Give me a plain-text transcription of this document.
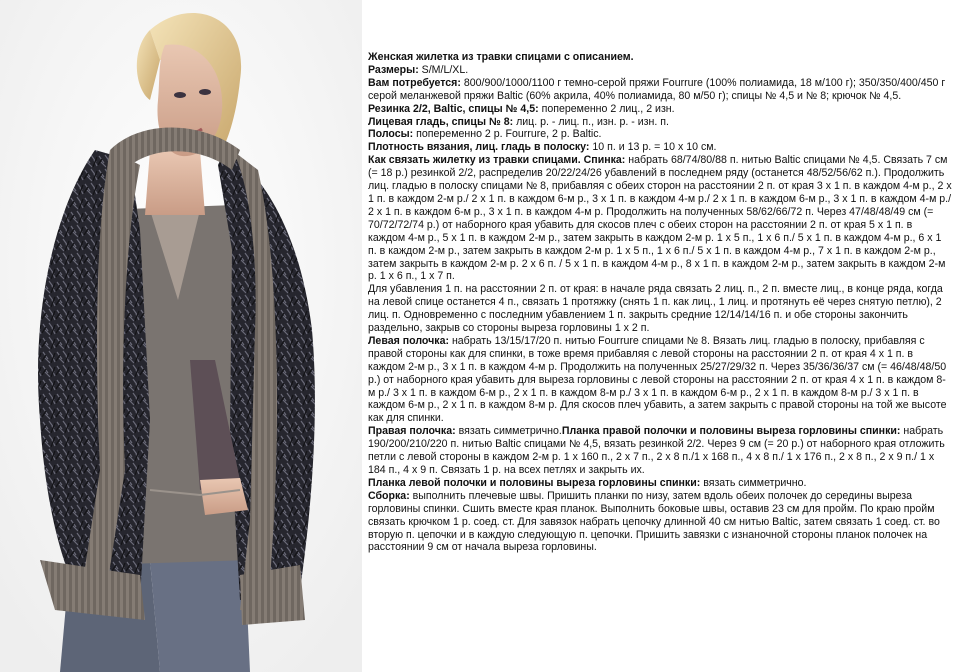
Женская жилетка из травки спицами с описанием.

Размеры: S/M/L/XL.

Вам потребуется: 800/900/1000/1100 г темно-серой пряжи Fourrure (100% полиамида, 18 м/100 г); 350/350/400/450 г серой меланжевой пряжи Baltic (60% акрила, 40% полиамида, 80 м/50 г); спицы № 4,5 и № 8; крючок № 4,5.

Резинка 2/2, Baltic, спицы № 4,5: попеременно 2 лиц., 2 изн.

Лицевая гладь, спицы № 8: лиц. р. - лиц. п., изн. р. - изн. п.

Полосы: попеременно 2 р. Fourrure, 2 р. Baltic.

Плотность вязания, лиц. гладь в полоску: 10 п. и 13 р. = 10 х 10 см.

Как связать жилетку из травки спицами. Спинка: набрать 68/74/80/88 п. нитью Baltic спицами № 4,5. Связать 7 см (= 18 р.) резинкой 2/2, распределив 20/22/24/26 убавлений в последнем ряду (останется 48/52/56/62 п.). Продолжить лиц. гладью в полоску спицами № 8, прибавляя с обеих сторон на расстоянии 2 п. от края 3 х 1 п. в каждом 4-м р., 2 х 1 п. в каждом 2-м р./ 2 х 1 п. в каждом 6-м р., 3 х 1 п. в каждом 4-м р./ 2 х 1 п. в каждом 6-м р., 3 х 1 п. в каждом 4-м р./ 2 х 1 п. в каждом 6-м р., 3 х 1 п. в каждом 4-м р. Продолжить на полученных 58/62/66/72 п. Через 47/48/48/49 см (= 70/72/72/74 р.) от наборного края убавить для скосов плеч с обеих сторон на расстоянии 2 п. от края 5 х 1 п. в каждом 4-м р., 5 х 1 п. в каждом 2-м р., затем закрыть в каждом 2-м р. 1 х 5 п., 1 х 6 п./ 5 х 1 п. в каждом 4-м р., 6 х 1 п. в каждом 2-м р., затем закрыть в каждом 2-м р. 1 х 5 п., 1 х 6 п./ 5 х 1 п. в каждом 4-м р., 7 х 1 п. в каждом 2-м р., затем закрыть в каждом 2-м р. 2 х 6 п. / 5 х 1 п. в каждом 4-м р., 8 х 1 п. в каждом 2-м р., затем закрыть в каждом 2-м р. 1 х 6 п., 1 х 7 п.

Для убавления 1 п. на расстоянии 2 п. от края: в начале ряда связать 2 лиц. п., 2 п. вместе лиц., в конце ряда, когда на левой спице останется 4 п., связать 1 протяжку (снять 1 п. как лиц., 1 лиц. и протянуть её через снятую петлю), 2 лиц. п. Одновременно с последним убавлением 1 п. закрыть средние 12/14/14/16 п. и обе стороны закончить раздельно, закрыв со стороны выреза горловины 1 х 2 п.

Левая полочка: набрать 13/15/17/20 п. нитью Fourrure спицами № 8. Вязать лиц. гладью в полоску, прибавляя с правой стороны как для спинки, в тоже время прибавляя с левой стороны на расстоянии 2 п. от края 4 х 1 п. в каждом 2-м р., 3 х 1 п. в каждом 4-м р. Продолжить на полученных 25/27/29/32 п. Через 35/36/36/37 см (= 46/48/48/50 р.) от наборного края убавить для выреза горловины с левой стороны на расстоянии 2 п. от края 4 х 1 п. в каждом 8-м р./ 3 х 1 п. в каждом 6-м р., 2 х 1 п. в каждом 8-м р./ 3 х 1 п. в каждом 6-м р., 2 х 1 п. в каждом 8-м р./ 3 х 1 п. в каждом 6-м р., 2 х 1 п. в каждом 8-м р. Для скосов плеч убавить, а затем закрыть с правой стороны на той же высоте как для спинки.

Правая полочка: вязать симметрично.Планка правой полочки и половины выреза горловины спинки: набрать 190/200/210/220 п. нитью Baltic спицами № 4,5, вязать резинкой 2/2. Через 9 см (= 20 р.) от наборного края отложить петли с левой стороны в каждом 2-м р. 1 х 160 п., 2 х 7 п., 2 х 8 п./1 х 168 п., 4 х 8 п./ 1 х 176 п., 2 х 8 п., 2 х 9 п./ 1 х 184 п., 4 х 9 п. Связать 1 р. на всех петлях и закрыть их.

Планка левой полочки и половины выреза горловины спинки: вязать симметрично.

Сборка: выполнить плечевые швы. Пришить планки по низу, затем вдоль обеих полочек до середины выреза горловины спинки. Сшить вместе края планок. Выполнить боковые швы, оставив 23 см для пройм. По краю пройм связать крючком 1 р. соед. ст. Для завязок набрать цепочку длинной 40 см нитью Baltic, затем связать 1 соед. ст. во вторую п. цепочки и в каждую следующую п. цепочки. Пришить завязки с изнаночной стороны планок полочек на расстоянии 9 см от начала выреза горловины.
